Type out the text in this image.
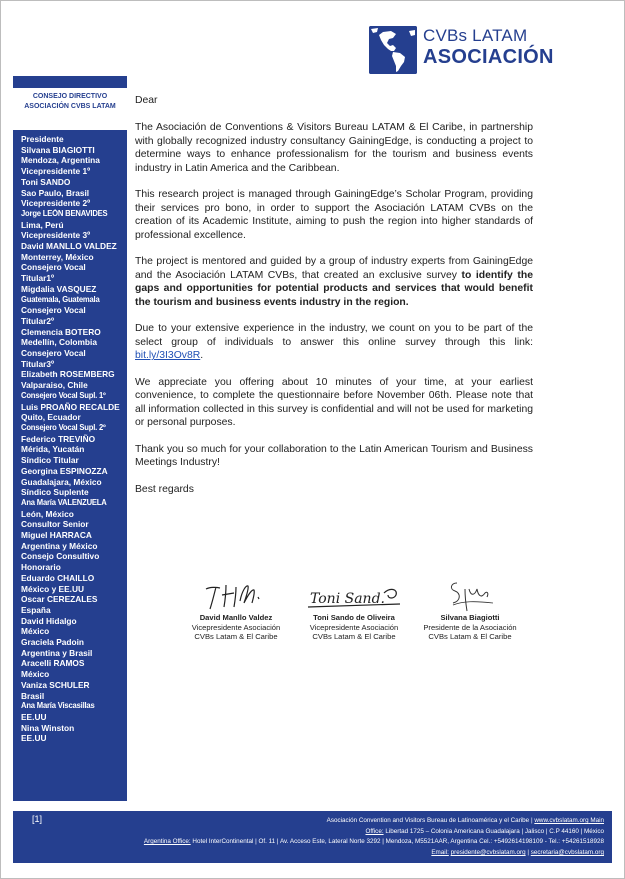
CVBs LATAM
ASOCIACIÓN
CONSEJO DIRECTIVO
ASOCIACIÓN CVBS LATAM
Presidente
Silvana BIAGIOTTI
Mendoza, Argentina
Vicepresidente 1º
Toni SANDO
Sao Paulo, Brasil
Vicepresidente 2º
Jorge LEÓN BENAVIDES
Lima, Perú
Vicepresidente 3º
David MANLLO VALDEZ
Monterrey, México
Consejero Vocal
Titular1º
Migdalia VASQUEZ
Guatemala, Guatemala
Consejero Vocal
Titular2º
Clemencia BOTERO
Medellín, Colombia
Consejero Vocal
Titular3º
Elizabeth ROSEMBERG
Valparaiso, Chile
Consejero Vocal Supl. 1º
Luis PROAÑO RECALDE
Quito, Ecuador
Consejero Vocal Supl. 2º
Federico TREVIÑO
Mérida, Yucatán
Síndico Titular
Georgina ESPINOZZA
Guadalajara, México
Síndico Suplente
Ana María VALENZUELA
León, México
Consultor Senior
Miguel HARRACA
Argentina y México
Consejo Consultivo
Honorario
Eduardo CHAILLO
México y EE.UU
Oscar CEREZALES
España
David Hidalgo
México
Graciela Padoin
Argentina y Brasil
Aracelli RAMOS
México
Vaniza SCHULER
Brasil
Ana María Viscasillas
EE.UU
Nina Winston
EE.UU
Dear

The Asociación de Conventions & Visitors Bureau LATAM & El Caribe, in partnership with globally recognized industry consultancy GainingEdge, is conducting a project to determine ways to enhance professionalism for the tourism and business events industry in Latin America and the Caribbean.

This research project is managed through GainingEdge’s Scholar Program, providing their services pro bono, in order to support the Asociación LATAM CVBs on the creation of its Academic Institute, aiming to push the region into higher standards of professional excellence.

The project is mentored and guided by a group of industry experts from GainingEdge and the Asociación LATAM CVBs, that created an exclusive survey to identify the gaps and opportunities for potential products and services that would benefit the tourism and business events industry in the region.

Due to your extensive experience in the industry, we count on you to be part of the select group of individuals to answer this online survey through this link: bit.ly/3I3Ov8R.

We appreciate you offering about 10 minutes of your time, at your earliest convenience, to complete the questionnaire before November 06th. Please note that all information collected in this survey is confidential and will not be used for marketing or personal purposes.

Thank you so much for your collaboration to the Latin American Tourism and Business Meetings Industry!

Best regards
David Manllo Valdez
Vicepresidente Asociación
CVBs Latam & El Caribe
Toni Sand.
Toni Sando de Oliveira
Vicepresidente Asociación
CVBs Latam & El Caribe
Silvana Biagiotti
Presidente de la Asociación
CVBs Latam & El Caribe
[1]	Asociación Convention and Visitors Bureau de Latinoamérica y el Caribe | www.cvbslatam.org Main
Office: Libertad 1725 – Colonia Americana Guadalajara | Jalisco | C.P 44160 | México
Argentina Office: Hotel InterContinental | Of. 11 | Av. Acceso Este, Lateral Norte 3292 | Mendoza, M5521AAR, Argentina Cel.: +5492614198109 - Tel.: +54261518928
Email: presidente@cvbslatam.org | secretaria@cvbslatam.org
